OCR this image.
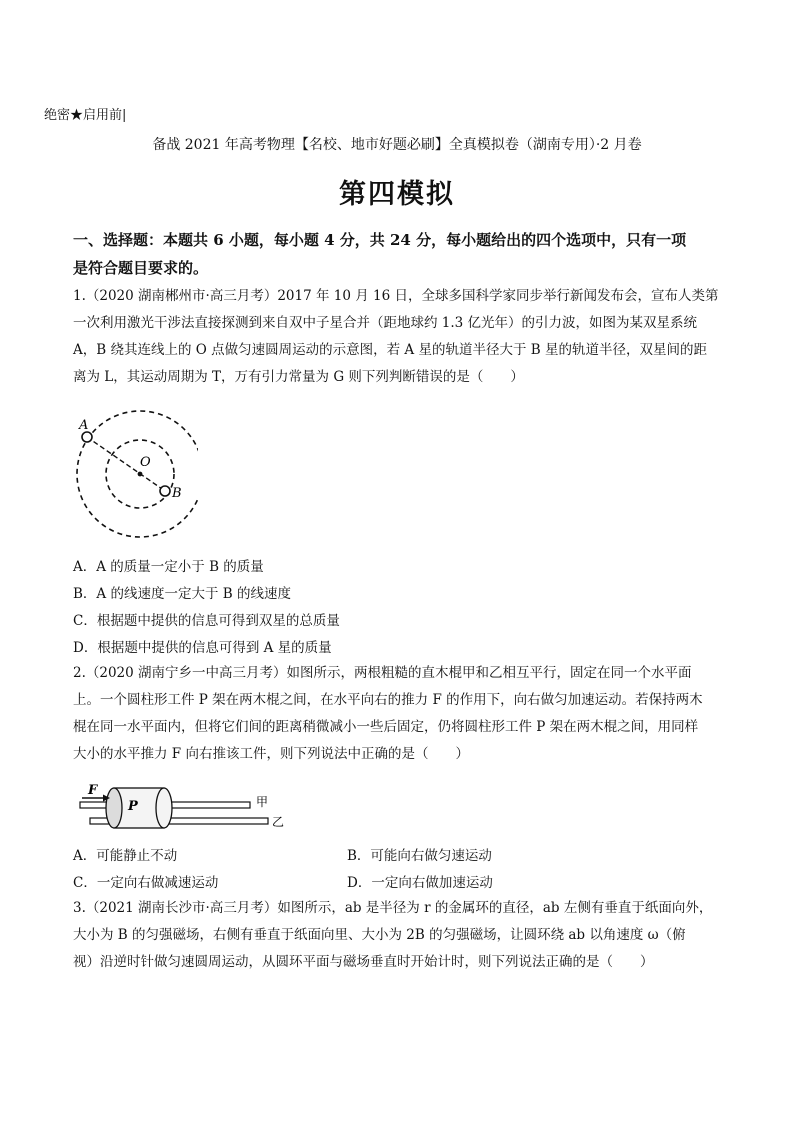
绝密★启用前|
备战 2021 年高考物理【名校、地市好题必刷】全真模拟卷（湖南专用）·2 月卷
第四模拟
一、选择题：本题共 6 小题，每小题 4 分，共 24 分，每小题给出的四个选项中，只有一项
是符合题目要求的。
1.（2020 湖南郴州市·高三月考）2017 年 10 月 16 日，全球多国科学家同步举行新闻发布会，宣布人类第
一次利用激光干涉法直接探测到来自双中子星合并（距地球约 1.3 亿光年）的引力波，如图为某双星系统
A，B 绕其连线上的 O 点做匀速圆周运动的示意图，若 A 星的轨道半径大于 B 星的轨道半径，双星间的距
离为 L，其运动周期为 T，万有引力常量为 G 则下列判断错误的是（　　）
A
O
B
A．A 的质量一定小于 B 的质量
B．A 的线速度一定大于 B 的线速度
C．根据题中提供的信息可得到双星的总质量
D．根据题中提供的信息可得到 A 星的质量
2.（2020 湖南宁乡一中高三月考）如图所示，两根粗糙的直木棍甲和乙相互平行，固定在同一个水平面
上。一个圆柱形工件 P 架在两木棍之间，在水平向右的推力 F 的作用下，向右做匀加速运动。若保持两木
棍在同一水平面内，但将它们间的距离稍微减小一些后固定，仍将圆柱形工件 P 架在两木棍之间，用同样
大小的水平推力 F 向右推该工件，则下列说法中正确的是（　　）
F
P	甲
乙
A．可能静止不动	B．可能向右做匀速运动
C．一定向右做减速运动	D．一定向右做加速运动
3.（2021 湖南长沙市·高三月考）如图所示，ab 是半径为 r 的金属环的直径，ab 左侧有垂直于纸面向外，
大小为 B 的匀强磁场，右侧有垂直于纸面向里、大小为 2B 的匀强磁场，让圆环绕 ab 以角速度 ω（俯
视）沿逆时针做匀速圆周运动，从圆环平面与磁场垂直时开始计时，则下列说法正确的是（　　）
